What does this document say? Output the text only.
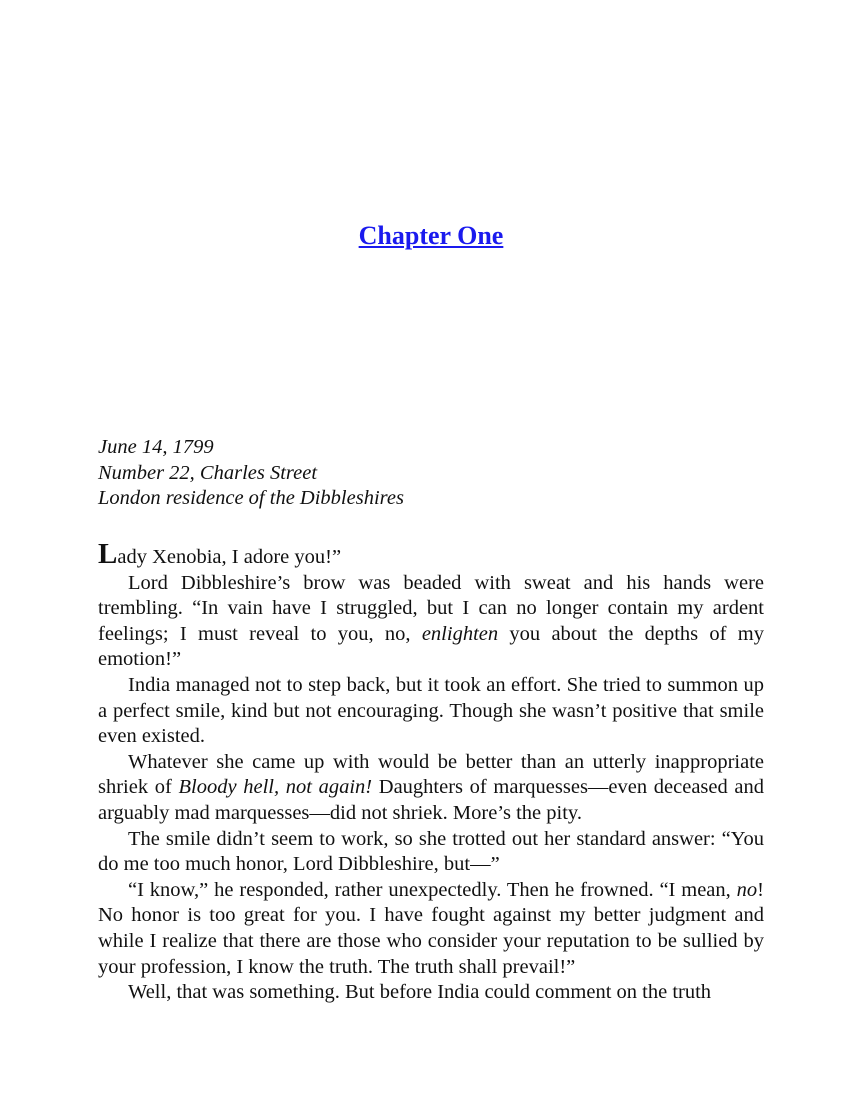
Chapter One
June 14, 1799
Number 22, Charles Street
London residence of the Dibbleshires

Lady Xenobia, I adore you!”

Lord Dibbleshire’s brow was beaded with sweat and his hands were trembling. “In vain have I struggled, but I can no longer contain my ardent feelings; I must reveal to you, no, enlighten you about the depths of my emotion!”

India managed not to step back, but it took an effort. She tried to summon up a perfect smile, kind but not encouraging. Though she wasn’t positive that smile even existed.

Whatever she came up with would be better than an utterly inappropriate shriek of Bloody hell, not again! Daughters of marquesses—even deceased and arguably mad marquesses—did not shriek. More’s the pity.

The smile didn’t seem to work, so she trotted out her standard answer: “You do me too much honor, Lord Dibbleshire, but—”

“I know,” he responded, rather unexpectedly. Then he frowned. “I mean, no! No honor is too great for you. I have fought against my better judgment and while I realize that there are those who consider your reputation to be sullied by your profession, I know the truth. The truth shall prevail!”

Well, that was something. But before India could comment on the truth
